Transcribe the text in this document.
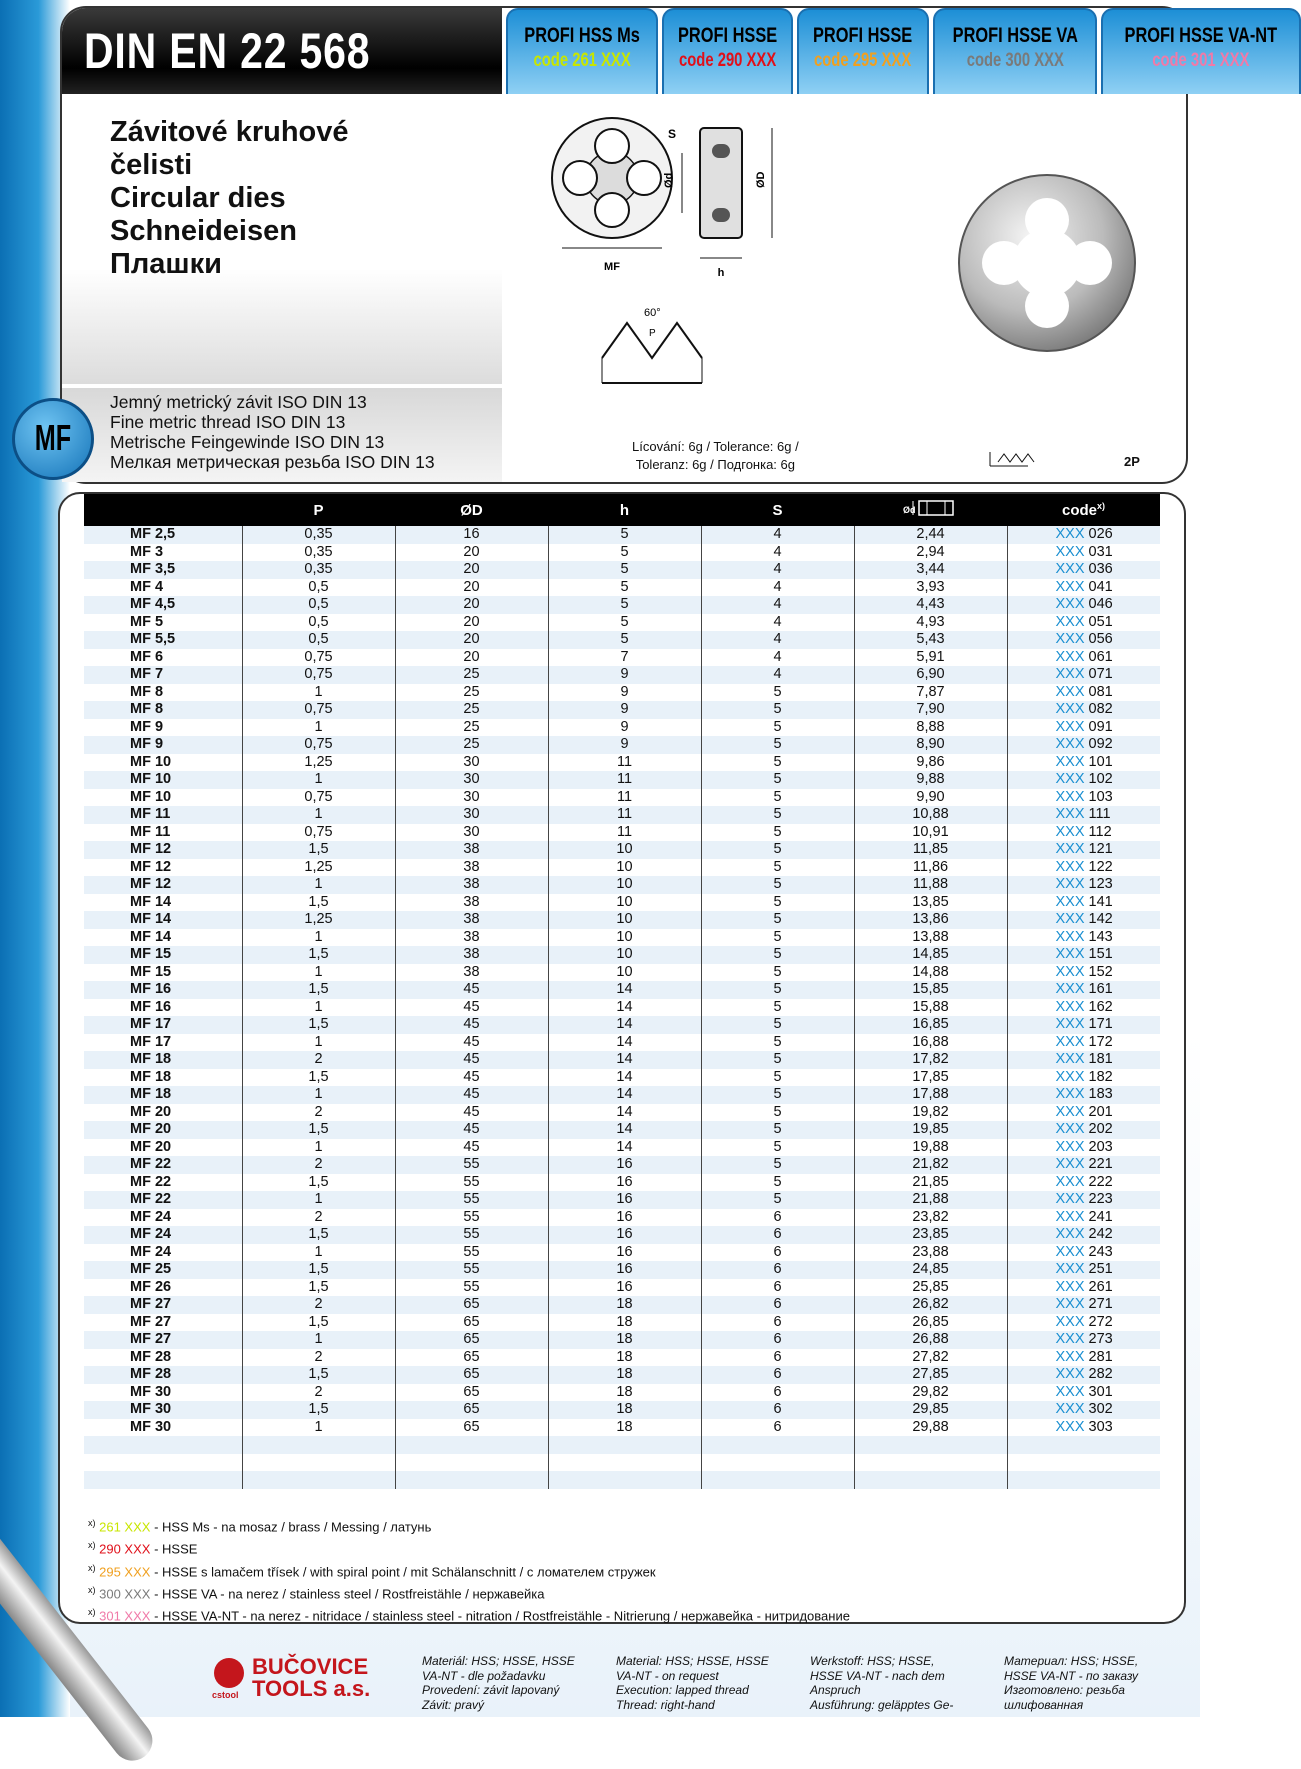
DIN EN 22 568	PROFI HSS Ms
code 261 XXX
PROFI HSSE
code 290 XXX
PROFI HSSE
code 295 XXX
PROFI HSSE VA
code 300 XXX
PROFI HSSE VA-NT
code 301 XXX
Závitové kruhové
čelisti
Circular dies
Schneideisen
Плашки
Jemný metrický závit ISO DIN 13
Fine metric thread ISO DIN 13
Metrische Feingewinde ISO DIN 13
Мелкая метрическая резьба ISO DIN 13
MF
S
Ød	ØD
h
60°
P
Lícování: 6g / Tolerance: 6g /
Toleranz: 6g / Подгонка: 6g	2P
MF
	P	ØD	h	S	Ød	code$^{x)}$
MF 2,5	0,35	16	5	4	2,44	XXX 026
MF 3	0,35	20	5	4	2,94	XXX 031
MF 3,5	0,35	20	5	4	3,44	XXX 036
MF 4	0,5	20	5	4	3,93	XXX 041
MF 4,5	0,5	20	5	4	4,43	XXX 046
MF 5	0,5	20	5	4	4,93	XXX 051
MF 5,5	0,5	20	5	4	5,43	XXX 056
MF 6	0,75	20	7	4	5,91	XXX 061
MF 7	0,75	25	9	4	6,90	XXX 071
MF 8	1	25	9	5	7,87	XXX 081
MF 8	0,75	25	9	5	7,90	XXX 082
MF 9	1	25	9	5	8,88	XXX 091
MF 9	0,75	25	9	5	8,90	XXX 092
MF 10	1,25	30	11	5	9,86	XXX 101
MF 10	1	30	11	5	9,88	XXX 102
MF 10	0,75	30	11	5	9,90	XXX 103
MF 11	1	30	11	5	10,88	XXX 111
MF 11	0,75	30	11	5	10,91	XXX 112
MF 12	1,5	38	10	5	11,85	XXX 121
MF 12	1,25	38	10	5	11,86	XXX 122
MF 12	1	38	10	5	11,88	XXX 123
MF 14	1,5	38	10	5	13,85	XXX 141
MF 14	1,25	38	10	5	13,86	XXX 142
MF 14	1	38	10	5	13,88	XXX 143
MF 15	1,5	38	10	5	14,85	XXX 151
MF 15	1	38	10	5	14,88	XXX 152
MF 16	1,5	45	14	5	15,85	XXX 161
MF 16	1	45	14	5	15,88	XXX 162
MF 17	1,5	45	14	5	16,85	XXX 171
MF 17	1	45	14	5	16,88	XXX 172
MF 18	2	45	14	5	17,82	XXX 181
MF 18	1,5	45	14	5	17,85	XXX 182
MF 18	1	45	14	5	17,88	XXX 183
MF 20	2	45	14	5	19,82	XXX 201
MF 20	1,5	45	14	5	19,85	XXX 202
MF 20	1	45	14	5	19,88	XXX 203
MF 22	2	55	16	5	21,82	XXX 221
MF 22	1,5	55	16	5	21,85	XXX 222
MF 22	1	55	16	5	21,88	XXX 223
MF 24	2	55	16	6	23,82	XXX 241
MF 24	1,5	55	16	6	23,85	XXX 242
MF 24	1	55	16	6	23,88	XXX 243
MF 25	1,5	55	16	6	24,85	XXX 251
MF 26	1,5	55	16	6	25,85	XXX 261
MF 27	2	65	18	6	26,82	XXX 271
MF 27	1,5	65	18	6	26,85	XXX 272
MF 27	1	65	18	6	26,88	XXX 273
MF 28	2	65	18	6	27,82	XXX 281
MF 28	1,5	65	18	6	27,85	XXX 282
MF 30	2	65	18	6	29,82	XXX 301
MF 30	1,5	65	18	6	29,85	XXX 302
MF 30	1	65	18	6	29,88	XXX 303

$^{x)}$ 261 XXX - HSS Ms - na mosaz / brass / Messing / латунь
$^{x)}$ 290 XXX - HSSE
$^{x)}$ 295 XXX - HSSE s lamačem třísek / with spiral point / mit Schälanschnitt / с ломателем стружек
$^{x)}$ 300 XXX - HSSE VA - na nerez / stainless steel / Rostfreistähle / нержавейка
$^{x)}$ 301 XXX - HSSE VA-NT - na nerez - nitridace / stainless steel - nitration / Rostfreistähle - Nitrierung / нержавейка - нитридование
BUČOVICE
TOOLS a.s.
cstool
Materiál: HSS; HSSE, HSSE
VA-NT - dle požadavku
Provedení: závit lapovaný
Závit: pravý
Material: HSS; HSSE, HSSE
VA-NT - on request
Execution: lapped thread
Thread: right-hand
Werkstoff: HSS; HSSE,
HSSE VA-NT - nach dem
Anspruch
Ausführung: geläpptes Ge-
Материал: HSS; HSSE,
HSSE VA-NT - по заказу
Изготовлено: резьба
шлифованная
